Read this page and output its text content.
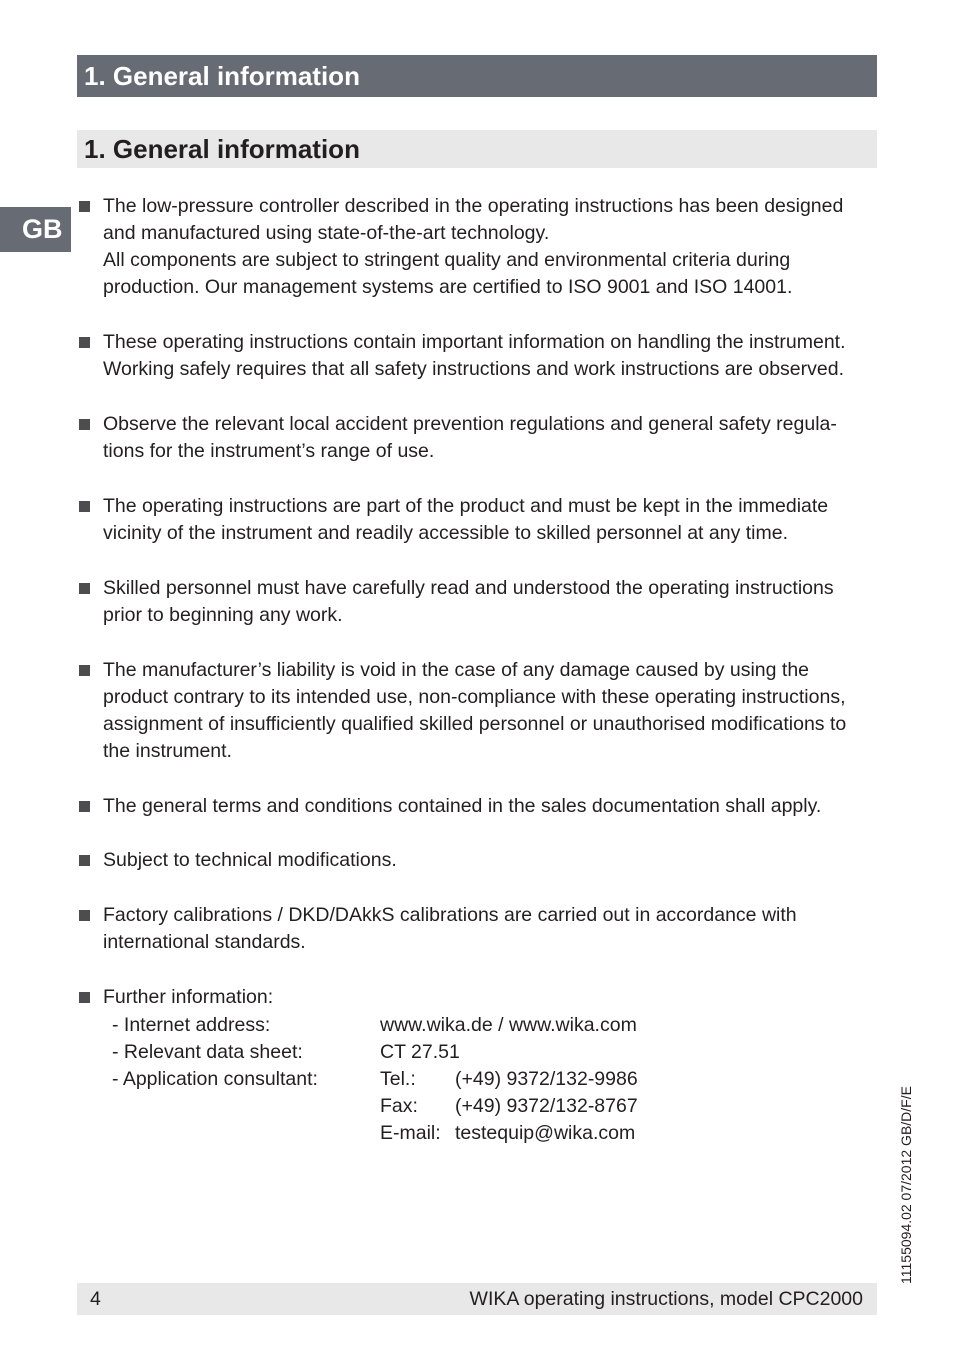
1. General information
1. General information
GB
The low-pressure controller described in the operating instructions has been designed
and manufactured using state-of-the-art technology.
All components are subject to stringent quality and environmental criteria during
production. Our management systems are certified to ISO 9001 and ISO 14001.
These operating instructions contain important information on handling the instrument.
Working safely requires that all safety instructions and work instructions are observed.
Observe the relevant local accident prevention regulations and general safety regula-
tions for the instrument’s range of use.
The operating instructions are part of the product and must be kept in the immediate
vicinity of the instrument and readily accessible to skilled personnel at any time.
Skilled personnel must have carefully read and understood the operating instructions
prior to beginning any work.
The manufacturer’s liability is void in the case of any damage caused by using the
product contrary to its intended use, non-compliance with these operating instructions,
assignment of insufficiently qualified skilled personnel or unauthorised modifications to
the instrument.
The general terms and conditions contained in the sales documentation shall apply.
Subject to technical modifications.
Factory calibrations / DKD/DAkkS calibrations are carried out in accordance with
international standards.
Further information:
- Internet address:	www.wika.de / www.wika.com
- Relevant data sheet:	CT 27.51
- Application consultant:	Tel.: (+49) 9372/132-9986
Fax: (+49) 9372/132-8767
E-mail: testequip@wika.com	11155094.02 07/2012 GB/D/F/E
4	WIKA operating instructions, model CPC2000
